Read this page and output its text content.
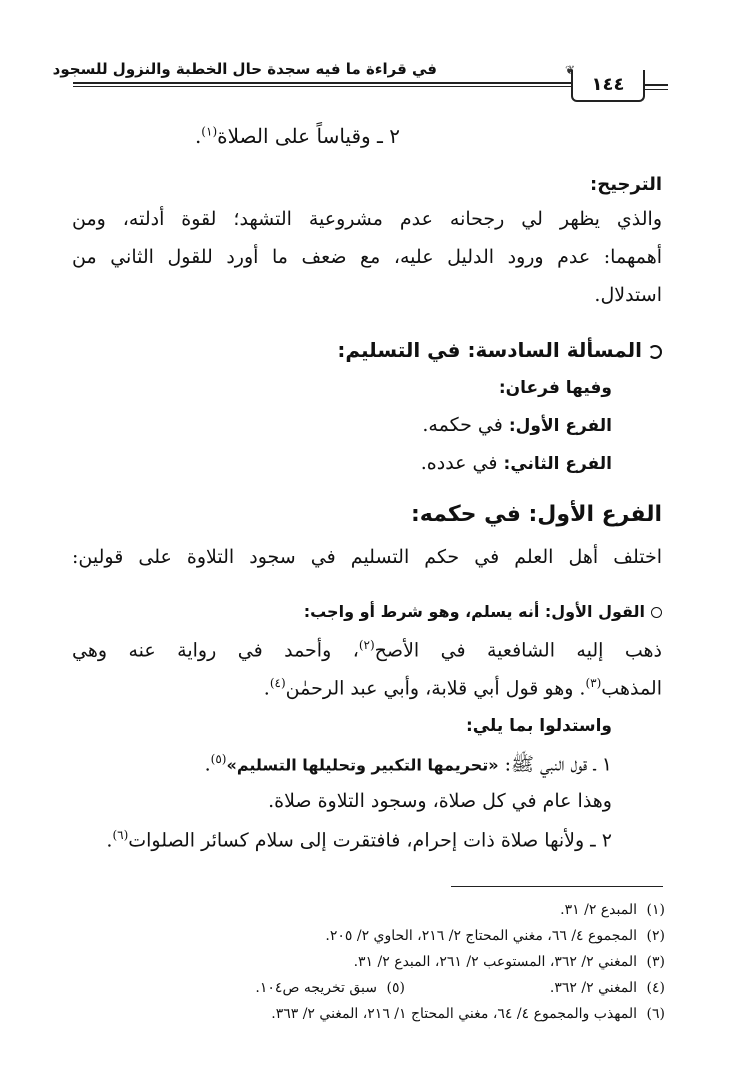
في قراءة ما فيه سجدة حال الخطبة والنزول للسجود	❦
١٤٤
٢ ـ وقياساً على الصلاة$^{(١)}$.
الترجيح:
والذي يظهر لي رجحانه عدم مشروعية التشهد؛ لقوة أدلته، ومن
أهمهما: عدم ورود الدليل عليه، مع ضعف ما أورد للقول الثاني من
استدلال.
المسألة السادسة: في التسليم:
وفيها فرعان:
الفرع الأول: في حكمه.
الفرع الثاني: في عدده.
الفرع الأول: في حكمه:
اختلف أهل العلم في حكم التسليم في سجود التلاوة على قولين:
القول الأول: أنه يسلم، وهو شرط أو واجب:
ذهب إليه الشافعية في الأصح$^{(٢)}$، وأحمد في رواية عنه وهي
المذهب$^{(٣)}$. وهو قول أبي قلابة، وأبي عبد الرحمٰن$^{(٤)}$.
واستدلوا بما يلي:
١ ـ قول النبي ﷺ: «تحريمها التكبير وتحليلها التسليم»$^{(٥)}$.
وهذا عام في كل صلاة، وسجود التلاوة صلاة.
٢ ـ ولأنها صلاة ذات إحرام، فافتقرت إلى سلام كسائر الصلوات$^{(٦)}$.
(١)المبدع ٢/ ٣١.
(٢)المجموع ٤/ ٦٦، مغني المحتاج ٢/ ٢١٦، الحاوي ٢/ ٢٠٥.
(٣)المغني ٢/ ٣٦٢، المستوعب ٢/ ٢٦١، المبدع ٢/ ٣١.
(٤)المغني ٢/ ٣٦٢.
(٥)سبق تخريجه ص١٠٤.
(٦)المهذب والمجموع ٤/ ٦٤، مغني المحتاج ١/ ٢١٦، المغني ٢/ ٣٦٣.
